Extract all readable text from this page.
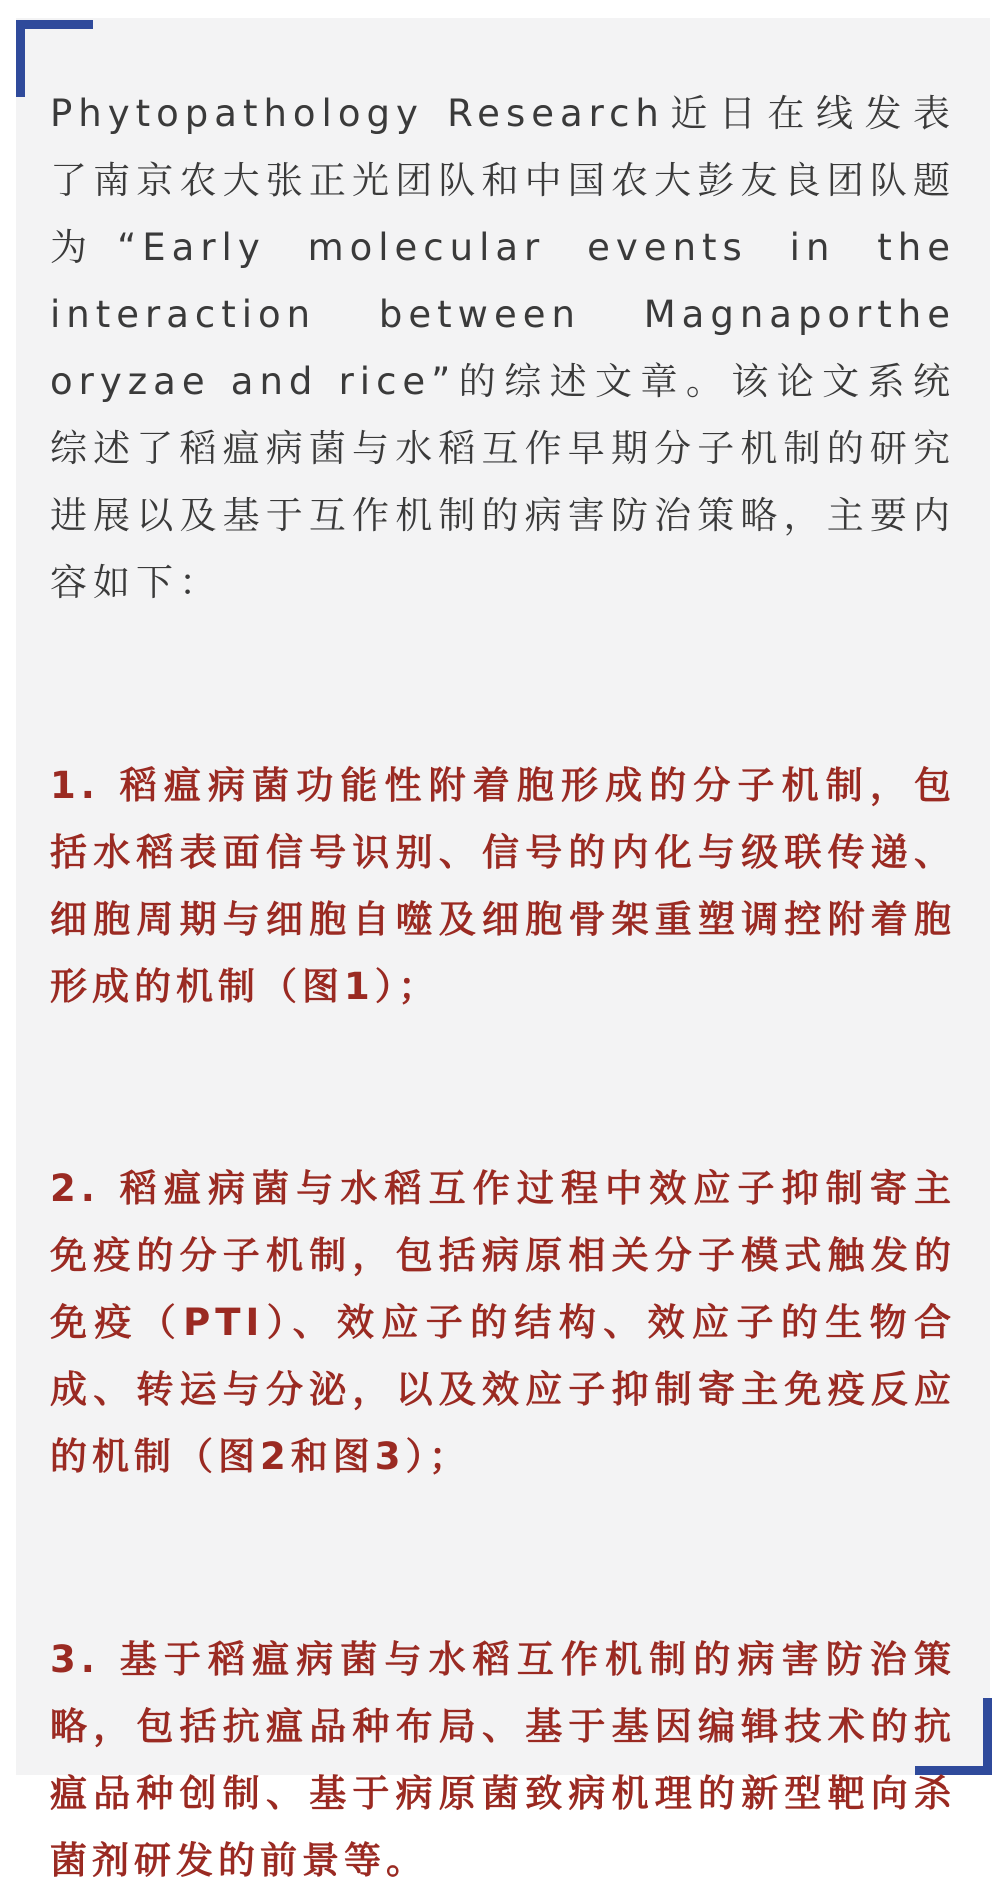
Phytopathology Research近日在线发表了南京农大张正光团队和中国农大彭友良团队题为“Early molecular events in the interaction between Magnaporthe oryzae and rice”的综述文章。该论文系统综述了稻瘟病菌与水稻互作早期分子机制的研究进展以及基于互作机制的病害防治策略，主要内容如下：

1. 稻瘟病菌功能性附着胞形成的分子机制，包括水稻表面信号识别、信号的内化与级联传递、细胞周期与细胞自噬及细胞骨架重塑调控附着胞形成的机制（图1）；

2. 稻瘟病菌与水稻互作过程中效应子抑制寄主免疫的分子机制，包括病原相关分子模式触发的免疫（PTI）、效应子的结构、效应子的生物合成、转运与分泌，以及效应子抑制寄主免疫反应的机制（图2和图3）；

3. 基于稻瘟病菌与水稻互作机制的病害防治策略，包括抗瘟品种布局、基于基因编辑技术的抗瘟品种创制、基于病原菌致病机理的新型靶向杀菌剂研发的前景等。
